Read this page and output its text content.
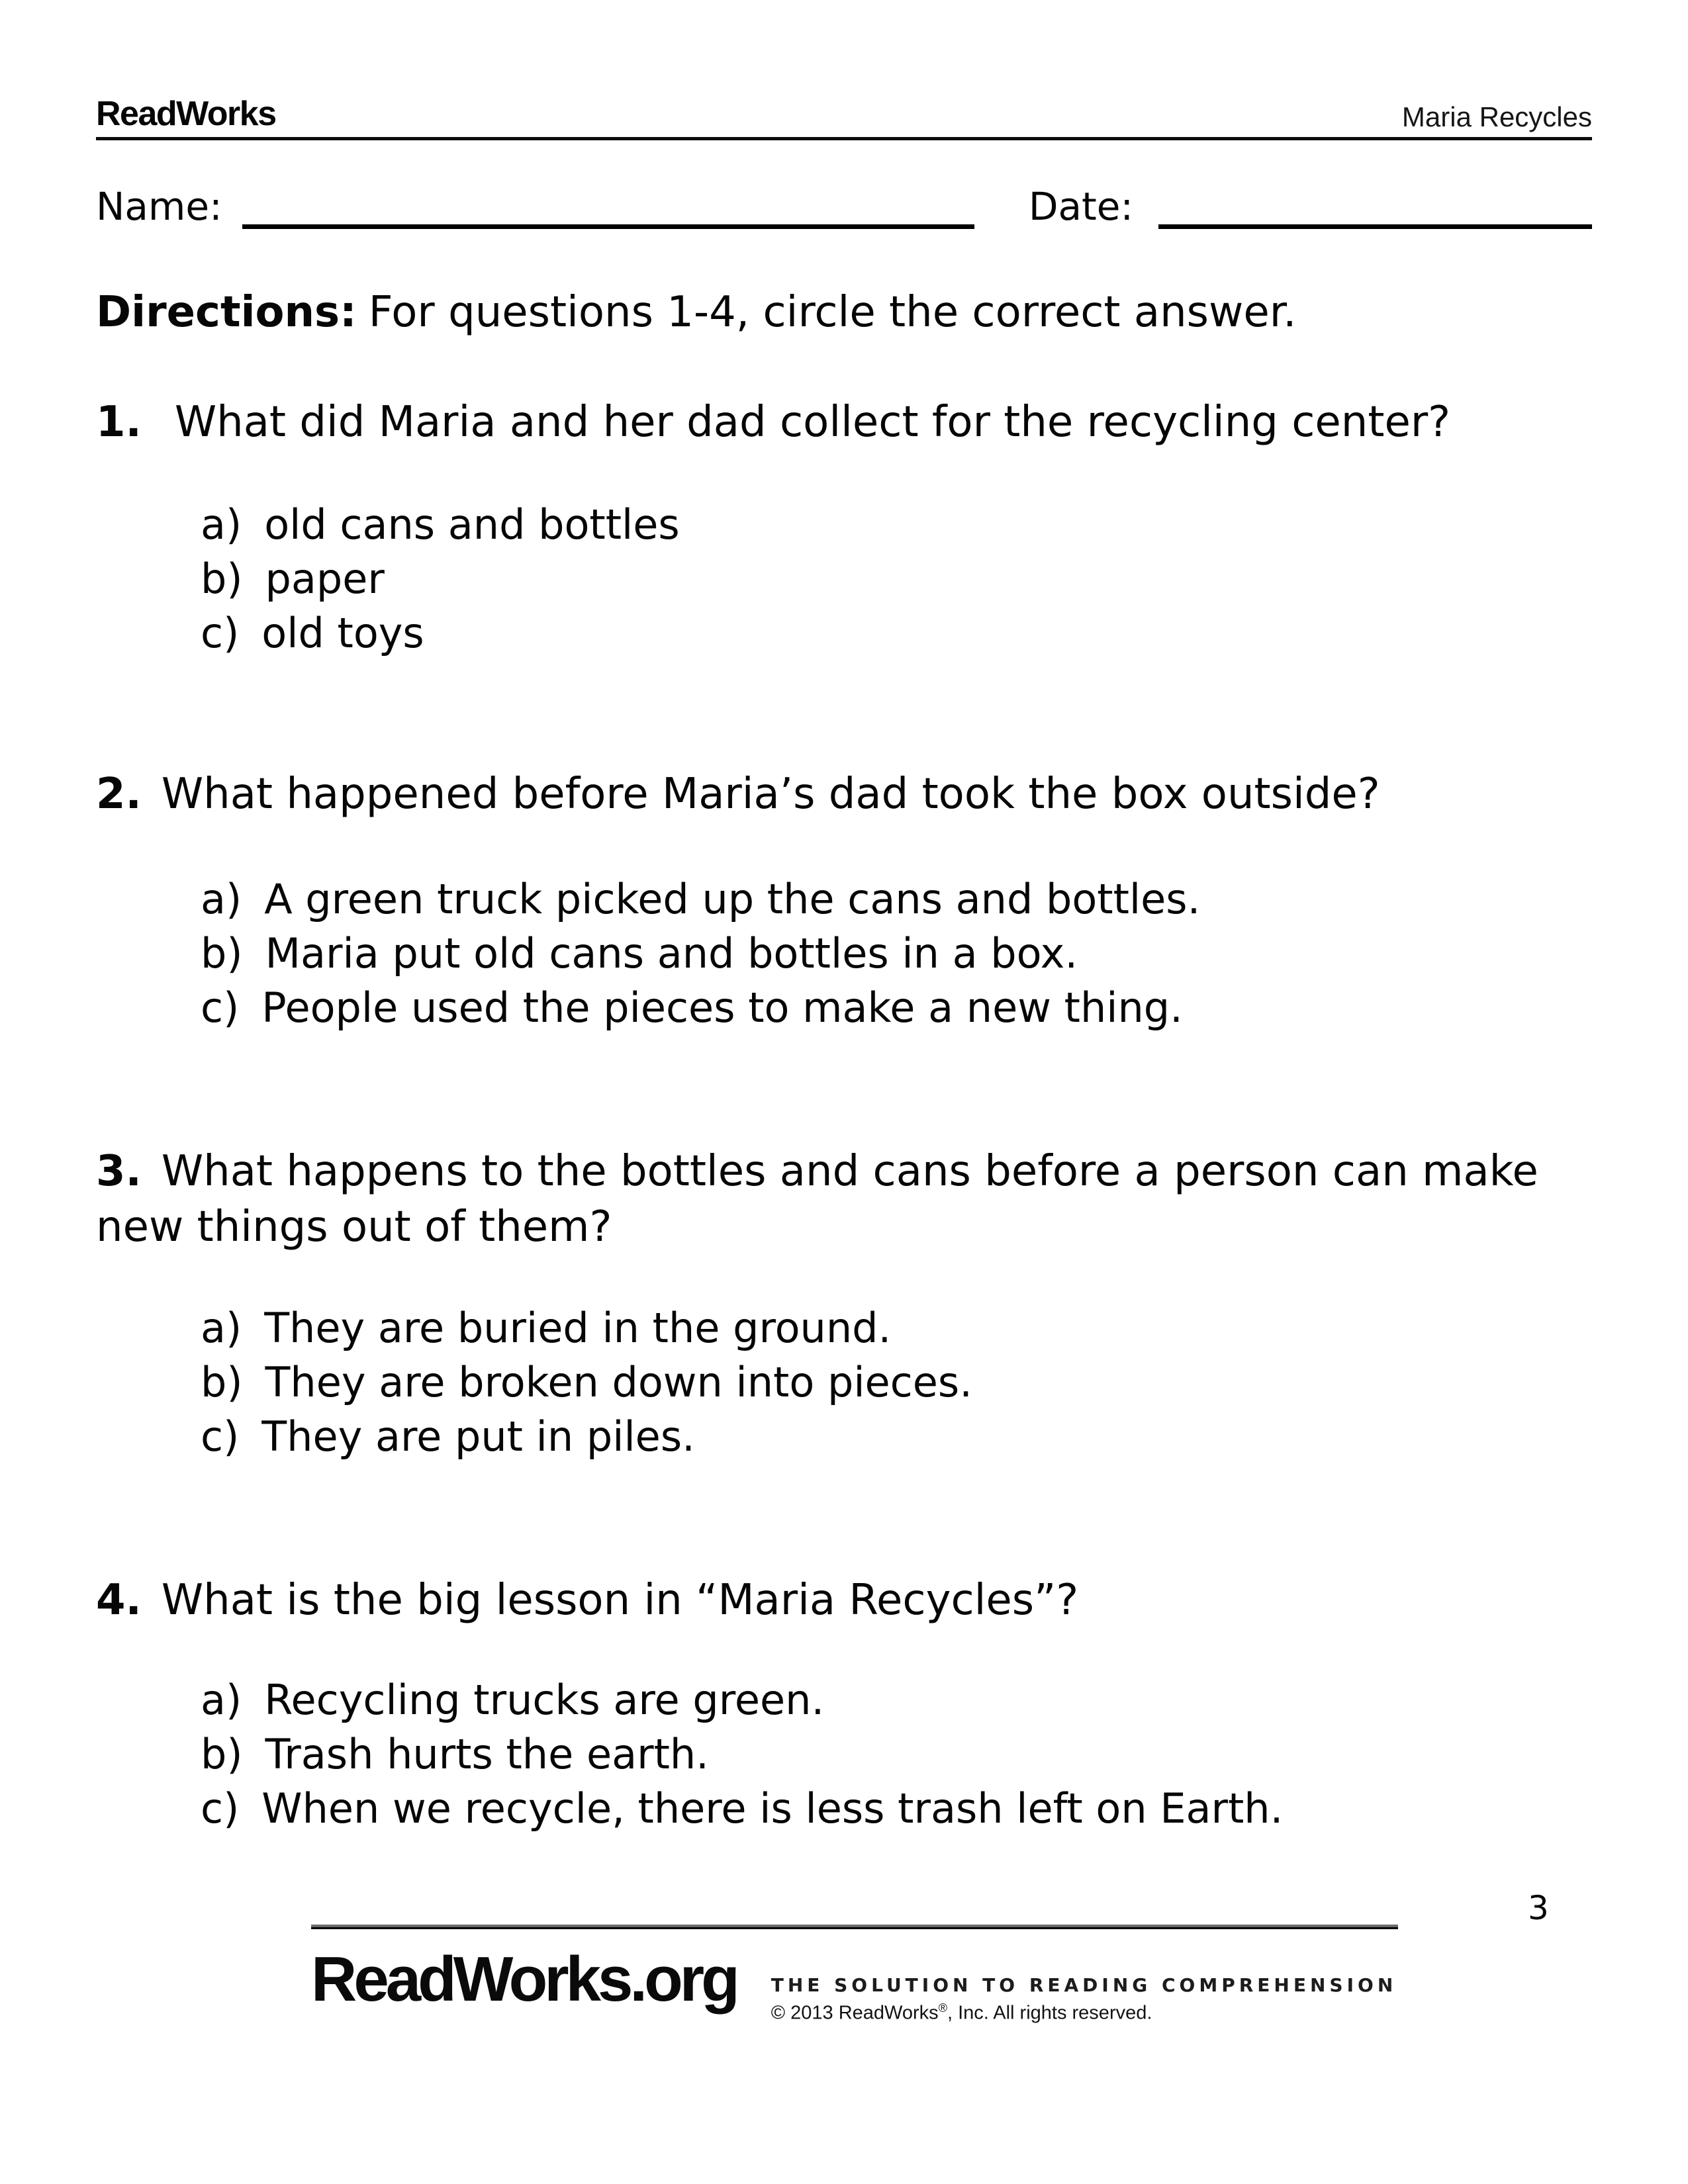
ReadWorks	Maria Recycles
Name:	Date:
Directions: For questions 1-4, circle the correct answer.
1. What did Maria and her dad collect for the recycling center?
a) old cans and bottles
b) paper
c) old toys
2. What happened before Maria’s dad took the box outside?
a) A green truck picked up the cans and bottles.
b) Maria put old cans and bottles in a box.
c) People used the pieces to make a new thing.
3. What happens to the bottles and cans before a person can make new things out of them?
a) They are buried in the ground.
b) They are broken down into pieces.
c) They are put in piles.
4. What is the big lesson in “Maria Recycles”?
a) Recycling trucks are green.
b) Trash hurts the earth.
c) When we recycle, there is less trash left on Earth.
3
ReadWorks.org THE SOLUTION TO READING COMPREHENSION
© 2013 ReadWorks®, Inc. All rights reserved.
